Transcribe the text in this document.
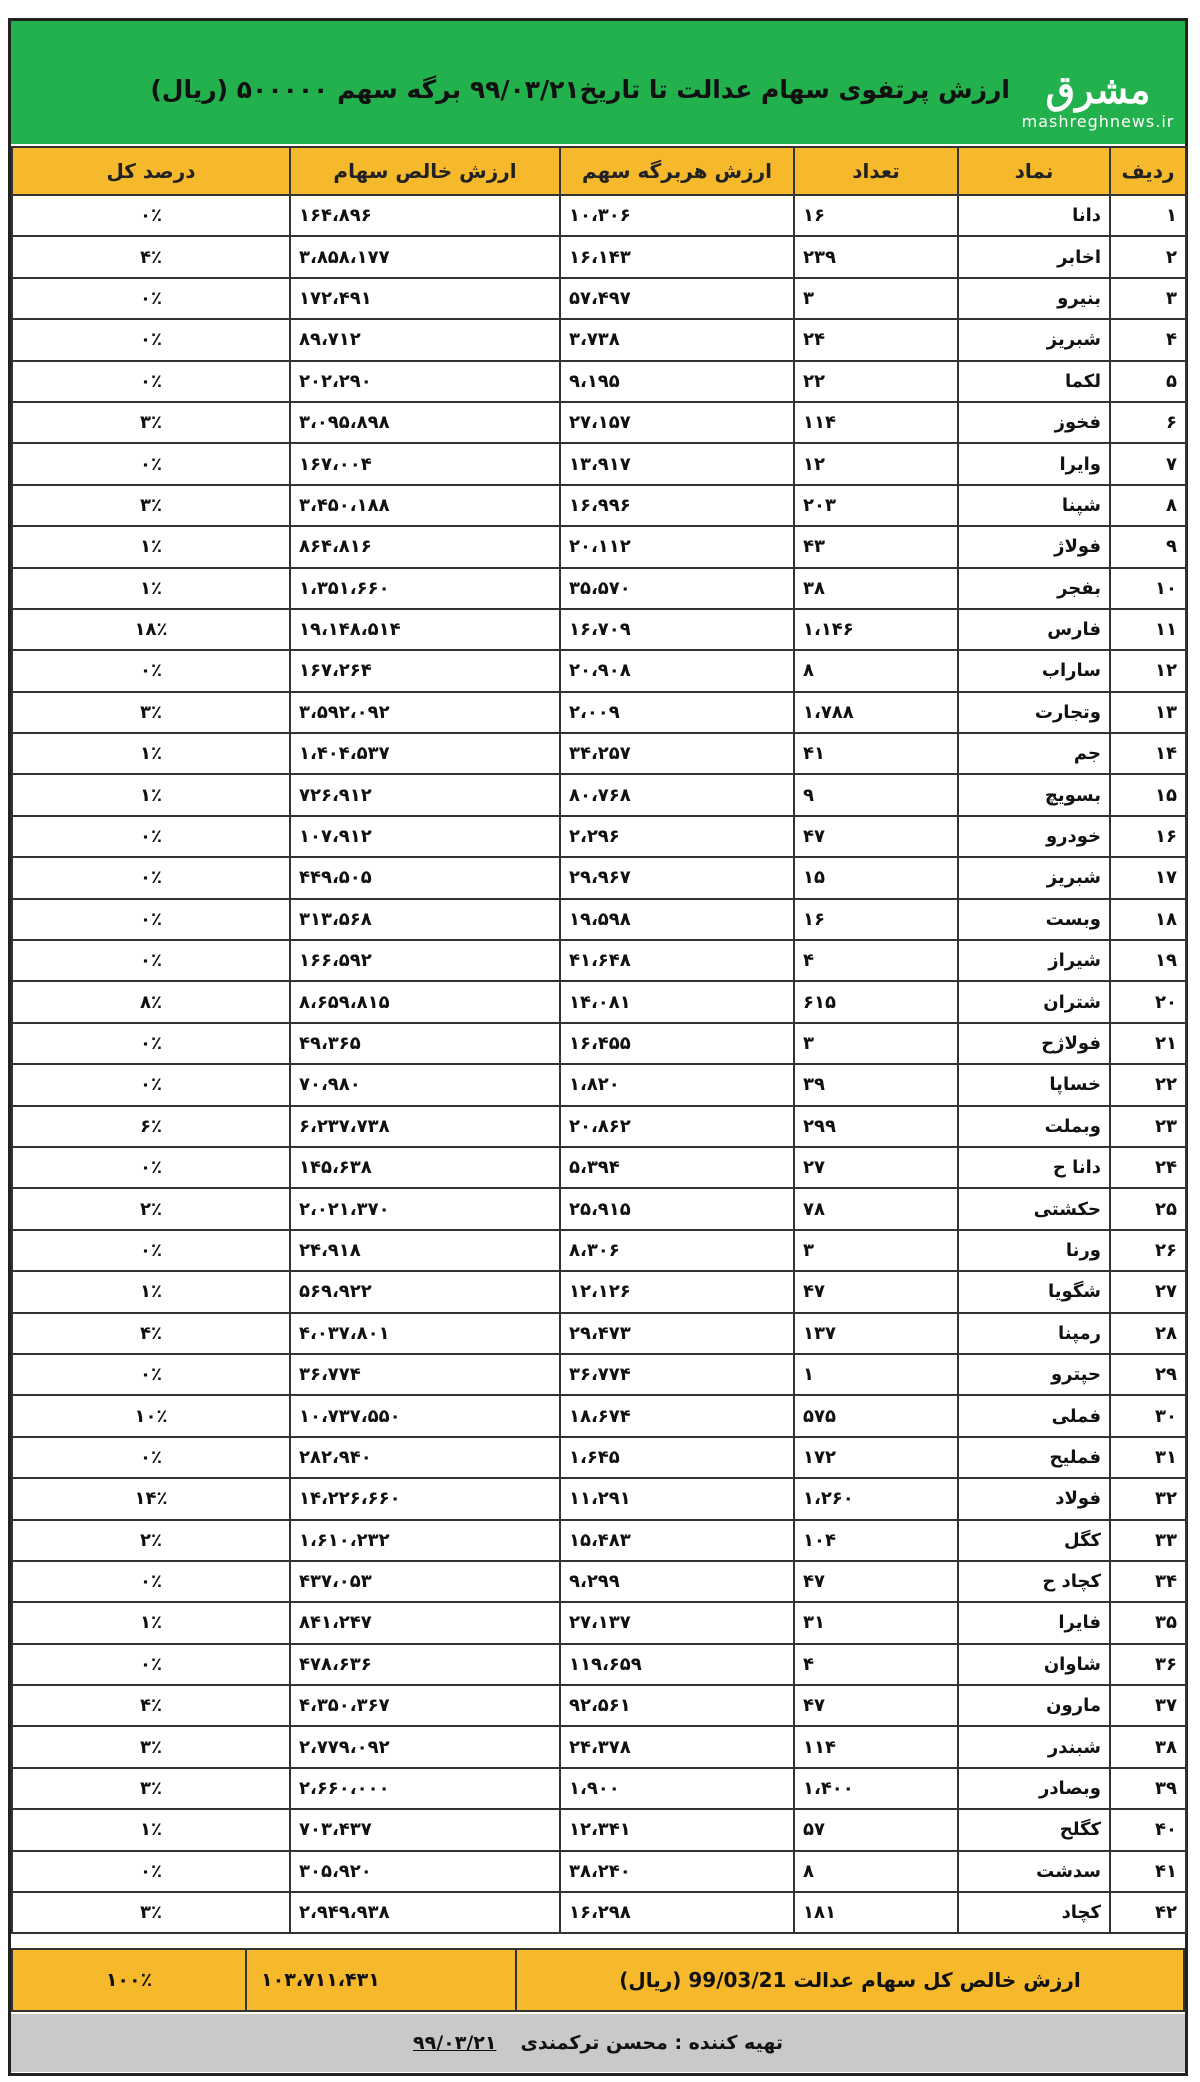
ارزش پرتفوی سهام عدالت تا تاریخ۹۹/۰۳/۲۱ برگه سهم ۵۰۰۰۰۰ (ریال) مشرق
mashreghnews.ir
ردیف	نماد	تعداد	ارزش هربرگه سهم	ارزش خالص سهام	درصد کل
۱	دانا	۱۶	۱۰،۳۰۶	۱۶۴،۸۹۶	۰٪
۲	اخابر	۲۳۹	۱۶،۱۴۳	۳،۸۵۸،۱۷۷	۴٪
۳	بنیرو	۳	۵۷،۴۹۷	۱۷۲،۴۹۱	۰٪
۴	شبریز	۲۴	۳،۷۳۸	۸۹،۷۱۲	۰٪
۵	لکما	۲۲	۹،۱۹۵	۲۰۲،۲۹۰	۰٪
۶	فخوز	۱۱۴	۲۷،۱۵۷	۳،۰۹۵،۸۹۸	۳٪
۷	وایرا	۱۲	۱۳،۹۱۷	۱۶۷،۰۰۴	۰٪
۸	شپنا	۲۰۳	۱۶،۹۹۶	۳،۴۵۰،۱۸۸	۳٪
۹	فولاژ	۴۳	۲۰،۱۱۲	۸۶۴،۸۱۶	۱٪
۱۰	بفجر	۳۸	۳۵،۵۷۰	۱،۳۵۱،۶۶۰	۱٪
۱۱	فارس	۱،۱۴۶	۱۶،۷۰۹	۱۹،۱۴۸،۵۱۴	۱۸٪
۱۲	ساراب	۸	۲۰،۹۰۸	۱۶۷،۲۶۴	۰٪
۱۳	وتجارت	۱،۷۸۸	۲،۰۰۹	۳،۵۹۲،۰۹۲	۳٪
۱۴	جم	۴۱	۳۴،۲۵۷	۱،۴۰۴،۵۳۷	۱٪
۱۵	بسویچ	۹	۸۰،۷۶۸	۷۲۶،۹۱۲	۱٪
۱۶	خودرو	۴۷	۲،۲۹۶	۱۰۷،۹۱۲	۰٪
۱۷	شبریز	۱۵	۲۹،۹۶۷	۴۴۹،۵۰۵	۰٪
۱۸	وبست	۱۶	۱۹،۵۹۸	۳۱۳،۵۶۸	۰٪
۱۹	شیراز	۴	۴۱،۶۴۸	۱۶۶،۵۹۲	۰٪
۲۰	شتران	۶۱۵	۱۴،۰۸۱	۸،۶۵۹،۸۱۵	۸٪
۲۱	فولاژح	۳	۱۶،۴۵۵	۴۹،۳۶۵	۰٪
۲۲	خساپا	۳۹	۱،۸۲۰	۷۰،۹۸۰	۰٪
۲۳	وبملت	۲۹۹	۲۰،۸۶۲	۶،۲۳۷،۷۳۸	۶٪
۲۴	دانا ح	۲۷	۵،۳۹۴	۱۴۵،۶۳۸	۰٪
۲۵	حکشتی	۷۸	۲۵،۹۱۵	۲،۰۲۱،۳۷۰	۲٪
۲۶	ورنا	۳	۸،۳۰۶	۲۴،۹۱۸	۰٪
۲۷	شگویا	۴۷	۱۲،۱۲۶	۵۶۹،۹۲۲	۱٪
۲۸	رمپنا	۱۳۷	۲۹،۴۷۳	۴،۰۳۷،۸۰۱	۴٪
۲۹	حپترو	۱	۳۶،۷۷۴	۳۶،۷۷۴	۰٪
۳۰	فملی	۵۷۵	۱۸،۶۷۴	۱۰،۷۳۷،۵۵۰	۱۰٪
۳۱	فملیح	۱۷۲	۱،۶۴۵	۲۸۲،۹۴۰	۰٪
۳۲	فولاد	۱،۲۶۰	۱۱،۲۹۱	۱۴،۲۲۶،۶۶۰	۱۴٪
۳۳	کگل	۱۰۴	۱۵،۴۸۳	۱،۶۱۰،۲۳۲	۲٪
۳۴	کچاد ح	۴۷	۹،۲۹۹	۴۳۷،۰۵۳	۰٪
۳۵	فایرا	۳۱	۲۷،۱۳۷	۸۴۱،۲۴۷	۱٪
۳۶	شاوان	۴	۱۱۹،۶۵۹	۴۷۸،۶۳۶	۰٪
۳۷	مارون	۴۷	۹۲،۵۶۱	۴،۳۵۰،۳۶۷	۴٪
۳۸	شبندر	۱۱۴	۲۴،۳۷۸	۲،۷۷۹،۰۹۲	۳٪
۳۹	وبصادر	۱،۴۰۰	۱،۹۰۰	۲،۶۶۰،۰۰۰	۳٪
۴۰	کگلح	۵۷	۱۲،۳۴۱	۷۰۳،۴۳۷	۱٪
۴۱	سدشت	۸	۳۸،۲۴۰	۳۰۵،۹۲۰	۰٪
۴۲	کچاد	۱۸۱	۱۶،۲۹۸	۲،۹۴۹،۹۳۸	۳٪
ارزش خالص کل سهام عدالت 99/03/21 (ریال)
۱۰۳،۷۱۱،۴۳۱
۱۰۰٪
تهیه کننده : محسن ترکمندی
۹۹/۰۳/۲۱
